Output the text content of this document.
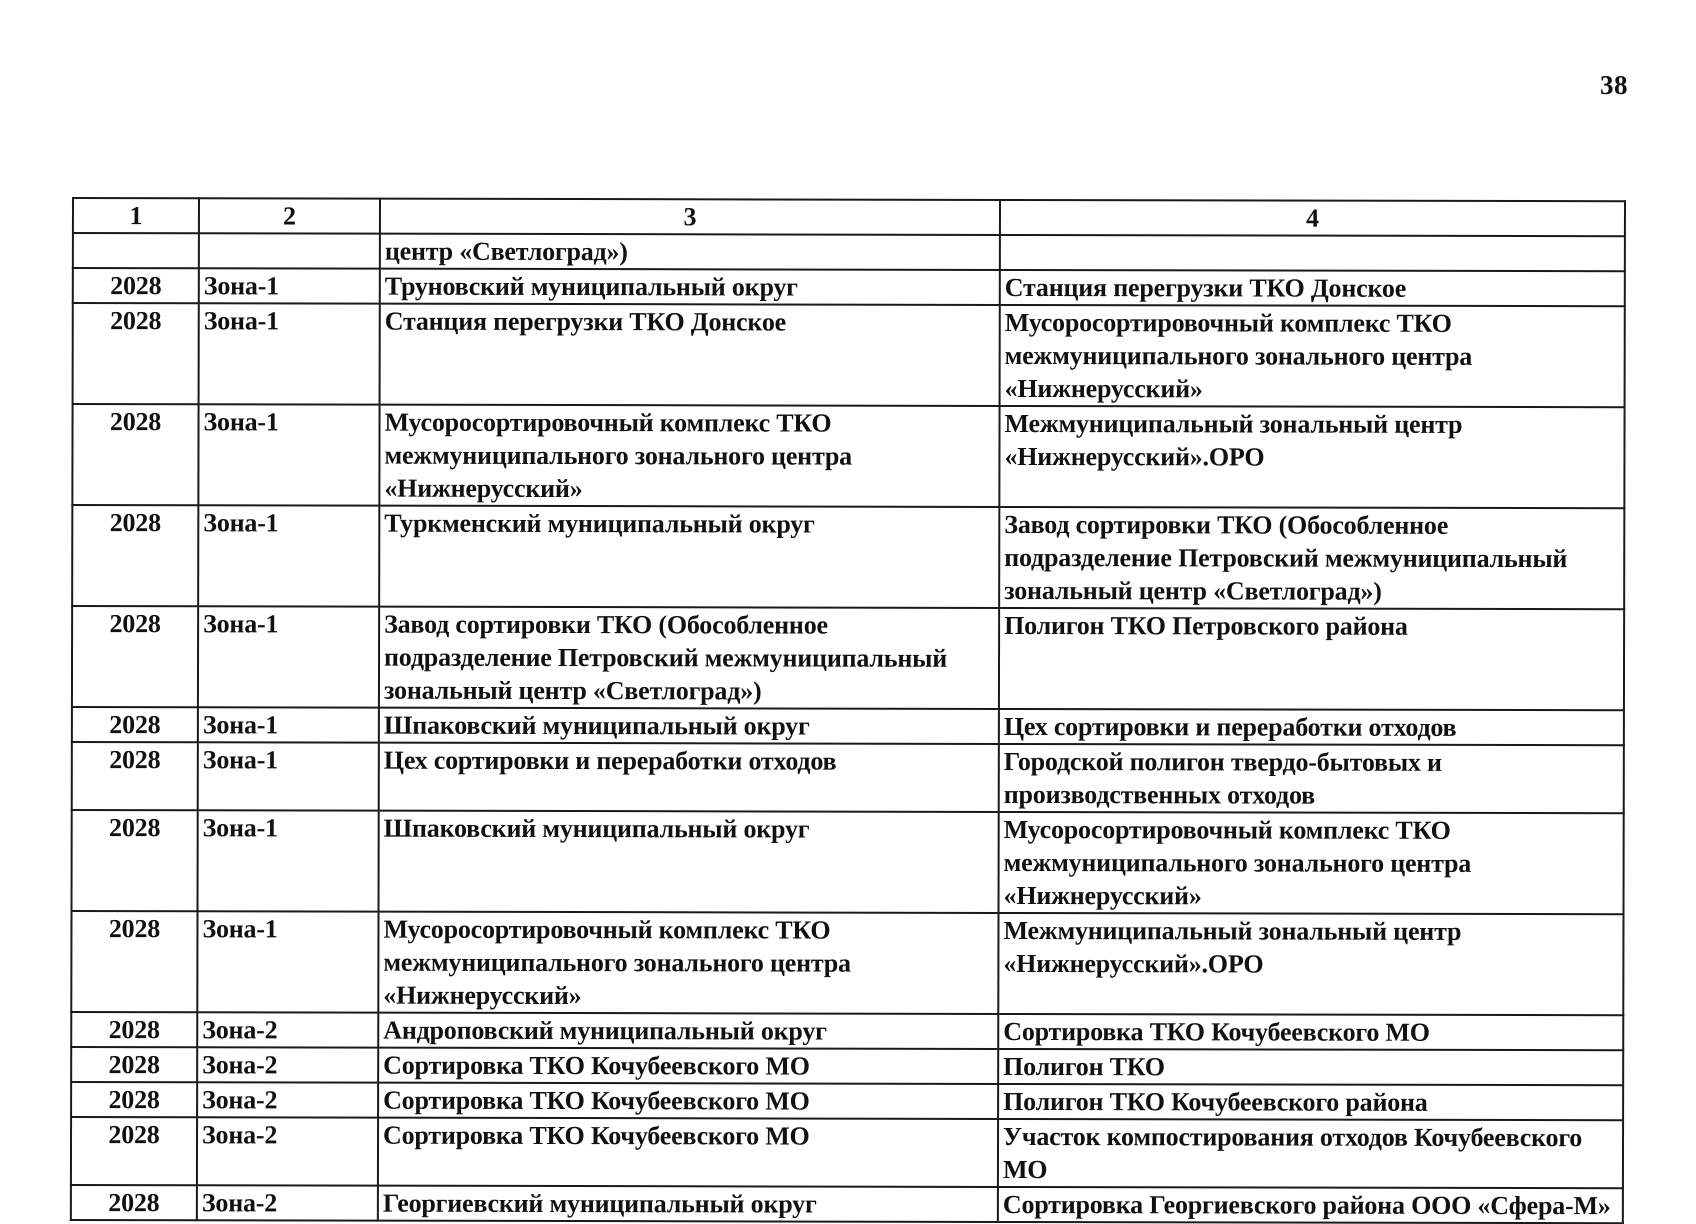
38
1	2	3	4
		центр «Светлоград»)	
2028	Зона-1	Труновский муниципальный округ	Станция перегрузки ТКО Донское
2028	Зона-1	Станция перегрузки ТКО Донское	Мусоросортировочный комплекс ТКО межмуниципального зонального центра «Нижнерусский»
2028	Зона-1	Мусоросортировочный комплекс ТКО межмуниципального зонального центра «Нижнерусский»	Межмуниципальный зональный центр «Нижнерусский».ОРО
2028	Зона-1	Туркменский муниципальный округ	Завод сортировки ТКО (Обособленное подразделение Петровский межмуниципальный зональный центр «Светлоград»)
2028	Зона-1	Завод сортировки ТКО (Обособленное подразделение Петровский межмуниципальный зональный центр «Светлоград»)	Полигон ТКО Петровского района
2028	Зона-1	Шпаковский муниципальный округ	Цех сортировки и переработки отходов
2028	Зона-1	Цех сортировки и переработки отходов	Городской полигон твердо-бытовых и производственных отходов
2028	Зона-1	Шпаковский муниципальный округ	Мусоросортировочный комплекс ТКО межмуниципального зонального центра «Нижнерусский»
2028	Зона-1	Мусоросортировочный комплекс ТКО межмуниципального зонального центра «Нижнерусский»	Межмуниципальный зональный центр «Нижнерусский».ОРО
2028	Зона-2	Андроповский муниципальный округ	Сортировка ТКО Кочубеевского МО
2028	Зона-2	Сортировка ТКО Кочубеевского МО	Полигон ТКО
2028	Зона-2	Сортировка ТКО Кочубеевского МО	Полигон ТКО Кочубеевского района
2028	Зона-2	Сортировка ТКО Кочубеевского МО	Участок компостирования отходов Кочубеевского МО
2028	Зона-2	Георгиевский муниципальный округ	Сортировка Георгиевского района ООО «Сфера-М»
